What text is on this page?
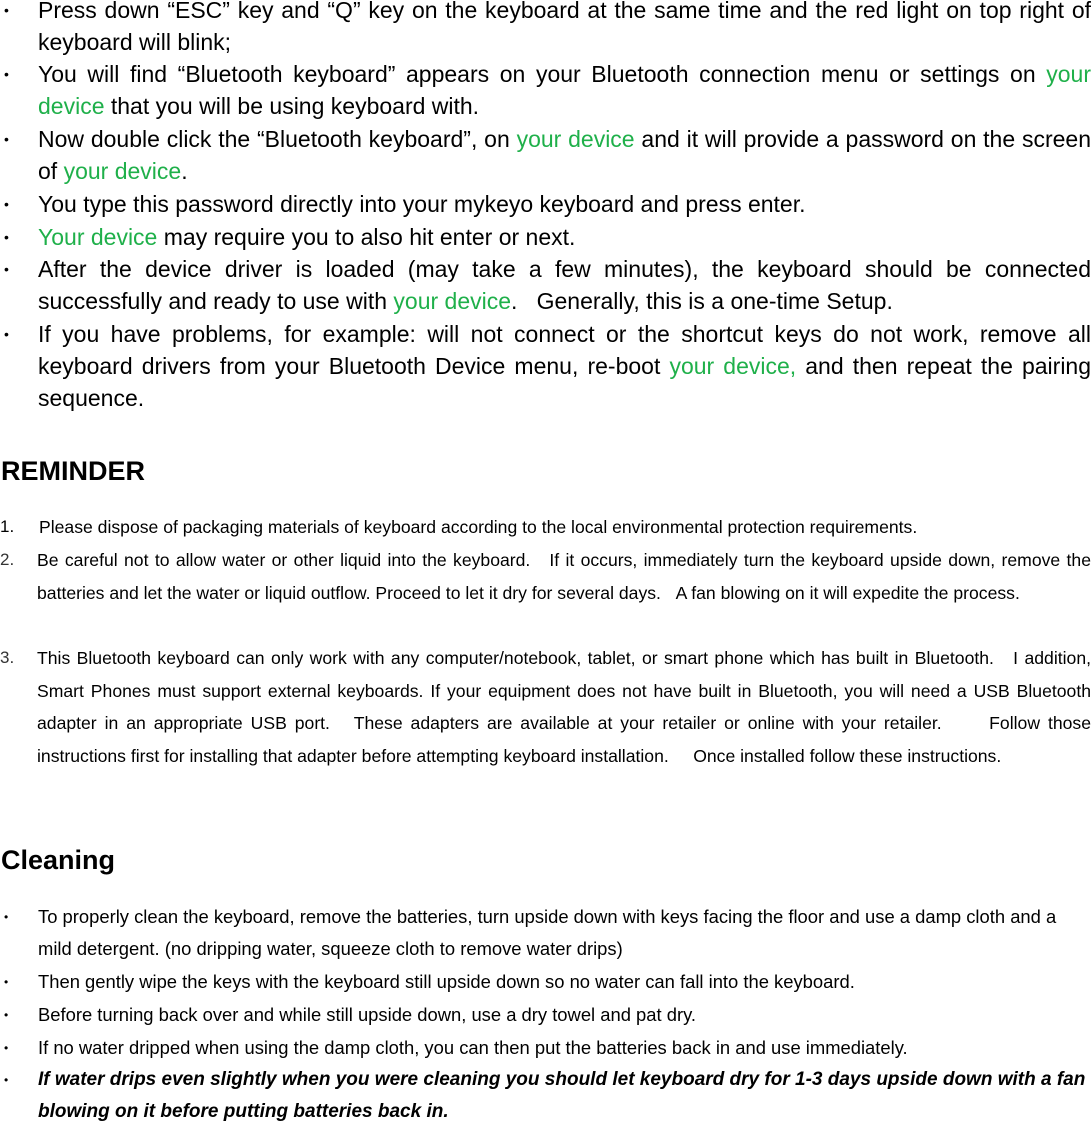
• Press down “ESC” key and “Q” key on the keyboard at the same time and the red light on top right of keyboard will blink;
• You will find “Bluetooth keyboard” appears on your Bluetooth connection menu or settings on your device that you will be using keyboard with.
• Now double click the “Bluetooth keyboard”, on your device and it will provide a password on the screen of your device.
• You type this password directly into your mykeyo keyboard and press enter.
• Your device may require you to also hit enter or next.
• After the device driver is loaded (may take a few minutes), the keyboard should be connected successfully and ready to use with your device.   Generally, this is a one-time Setup.
• If you have problems, for example: will not connect or the shortcut keys do not work, remove all keyboard drivers from your Bluetooth Device menu, re-boot your device, and then repeat the pairing sequence.
REMINDER
1. Please dispose of packaging materials of keyboard according to the local environmental protection requirements.
2. Be careful not to allow water or other liquid into the keyboard.   If it occurs, immediately turn the keyboard upside down, remove the batteries and let the water or liquid outflow. Proceed to let it dry for several days.   A fan blowing on it will expedite the process.
3. This Bluetooth keyboard can only work with any computer/notebook, tablet, or smart phone which has built in Bluetooth.   I addition, Smart Phones must support external keyboards. If your equipment does not have built in Bluetooth, you will need a USB Bluetooth adapter in an appropriate USB port.   These adapters are available at your retailer or online with your retailer.      Follow those instructions first for installing that adapter before attempting keyboard installation.     Once installed follow these instructions.
Cleaning
• To properly clean the keyboard, remove the batteries, turn upside down with keys facing the floor and use a damp cloth and a mild detergent. (no dripping water, squeeze cloth to remove water drips)
• Then gently wipe the keys with the keyboard still upside down so no water can fall into the keyboard.
• Before turning back over and while still upside down, use a dry towel and pat dry.
• If no water dripped when using the damp cloth, you can then put the batteries back in and use immediately.
• If water drips even slightly when you were cleaning you should let keyboard dry for 1-3 days upside down with a fan blowing on it before putting batteries back in.
